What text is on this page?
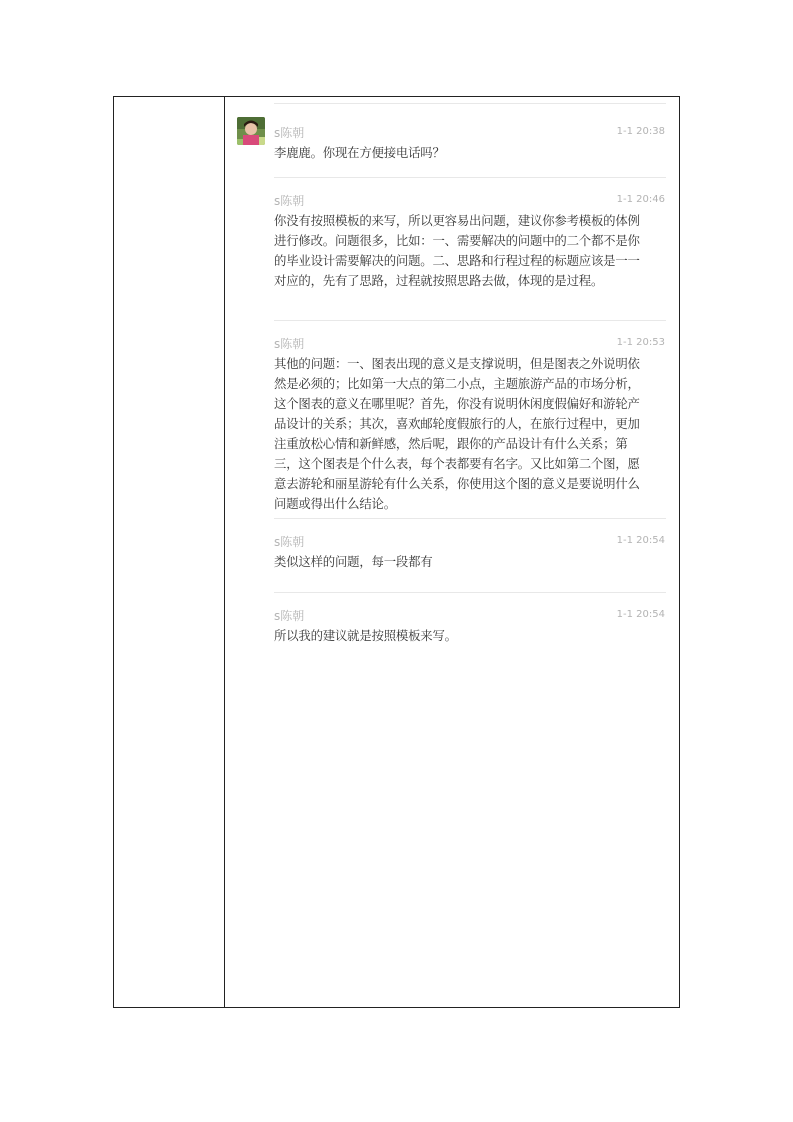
s陈朝	1-1 20:38
李鹿鹿。你现在方便接电话吗？
s陈朝	1-1 20:46
你没有按照模板的来写，所以更容易出问题，建议你参考模板的体例进行修改。问题很多，比如：一、需要解决的问题中的二个都不是你的毕业设计需要解决的问题。二、思路和行程过程的标题应该是一一对应的，先有了思路，过程就按照思路去做，体现的是过程。
s陈朝	1-1 20:53
其他的问题：一、图表出现的意义是支撑说明，但是图表之外说明依然是必须的；比如第一大点的第二小点，主题旅游产品的市场分析，这个图表的意义在哪里呢？首先，你没有说明休闲度假偏好和游轮产品设计的关系；其次，喜欢邮轮度假旅行的人，在旅行过程中，更加注重放松心情和新鲜感，然后呢，跟你的产品设计有什么关系；第三，这个图表是个什么表，每个表都要有名字。又比如第二个图，愿意去游轮和丽星游轮有什么关系，你使用这个图的意义是要说明什么问题或得出什么结论。
s陈朝	1-1 20:54
类似这样的问题，每一段都有
s陈朝	1-1 20:54
所以我的建议就是按照模板来写。
